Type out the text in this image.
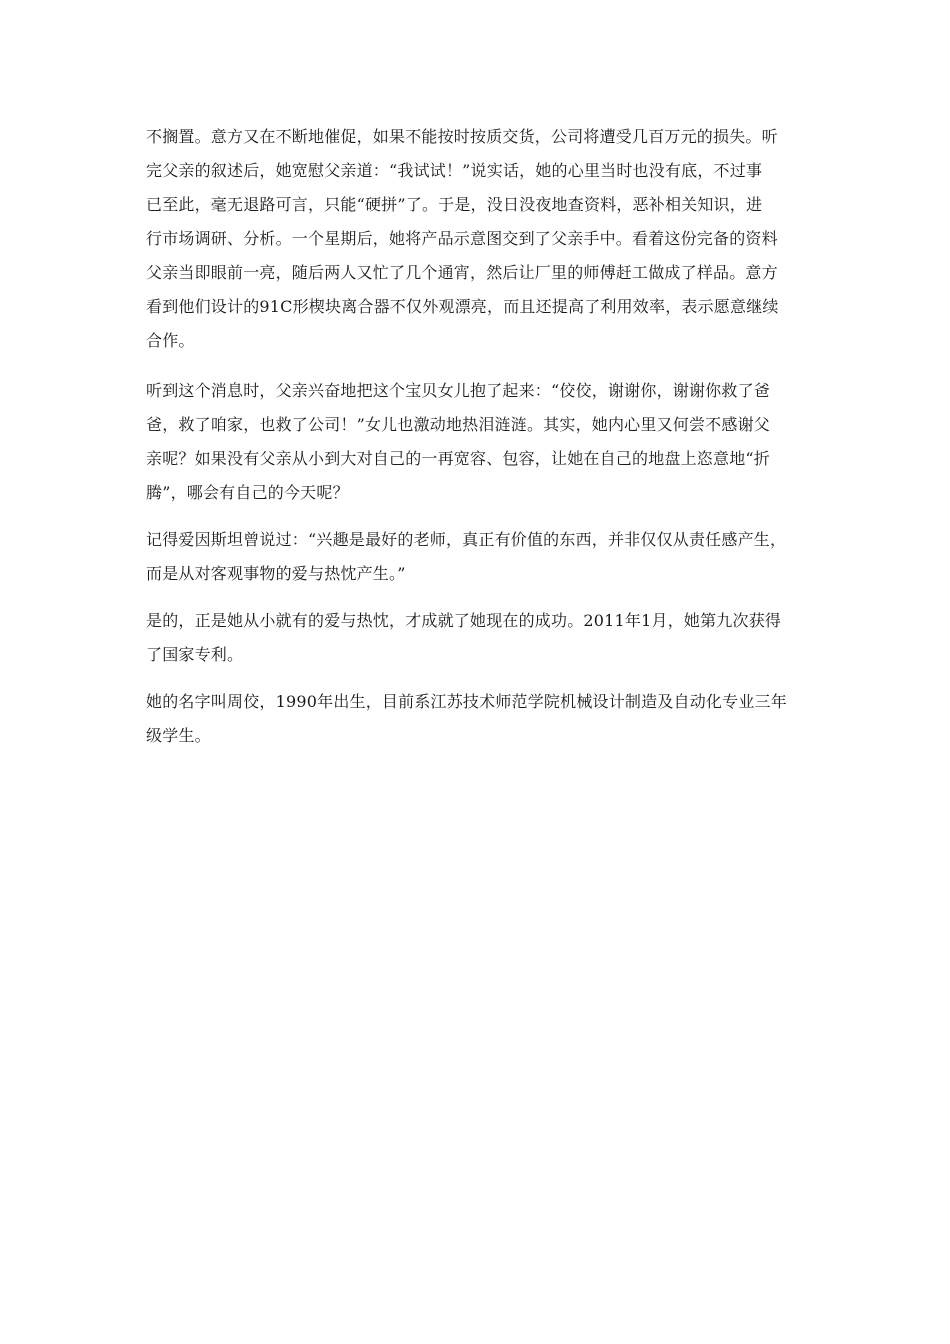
不搁置。意方又在不断地催促，如果不能按时按质交货，公司将遭受几百万元的损失。听
完父亲的叙述后，她宽慰父亲道：“我试试！”说实话，她的心里当时也没有底，不过事
已至此，毫无退路可言，只能“硬拼”了。于是，没日没夜地查资料，恶补相关知识，进
行市场调研、分析。一个星期后，她将产品示意图交到了父亲手中。看着这份完备的资料
父亲当即眼前一亮，随后两人又忙了几个通宵，然后让厂里的师傅赶工做成了样品。意方
看到他们设计的91C形楔块离合器不仅外观漂亮，而且还提高了利用效率，表示愿意继续
合作。
听到这个消息时，父亲兴奋地把这个宝贝女儿抱了起来：“佼佼，谢谢你，谢谢你救了爸
爸，救了咱家，也救了公司！”女儿也激动地热泪涟涟。其实，她内心里又何尝不感谢父
亲呢？如果没有父亲从小到大对自己的一再宽容、包容，让她在自己的地盘上恣意地“折
腾”，哪会有自己的今天呢？
记得爱因斯坦曾说过：“兴趣是最好的老师，真正有价值的东西，并非仅仅从责任感产生，
而是从对客观事物的爱与热忱产生。”
是的，正是她从小就有的爱与热忱，才成就了她现在的成功。2011年1月，她第九次获得
了国家专利。
她的名字叫周佼，1990年出生，目前系江苏技术师范学院机械设计制造及自动化专业三年
级学生。
